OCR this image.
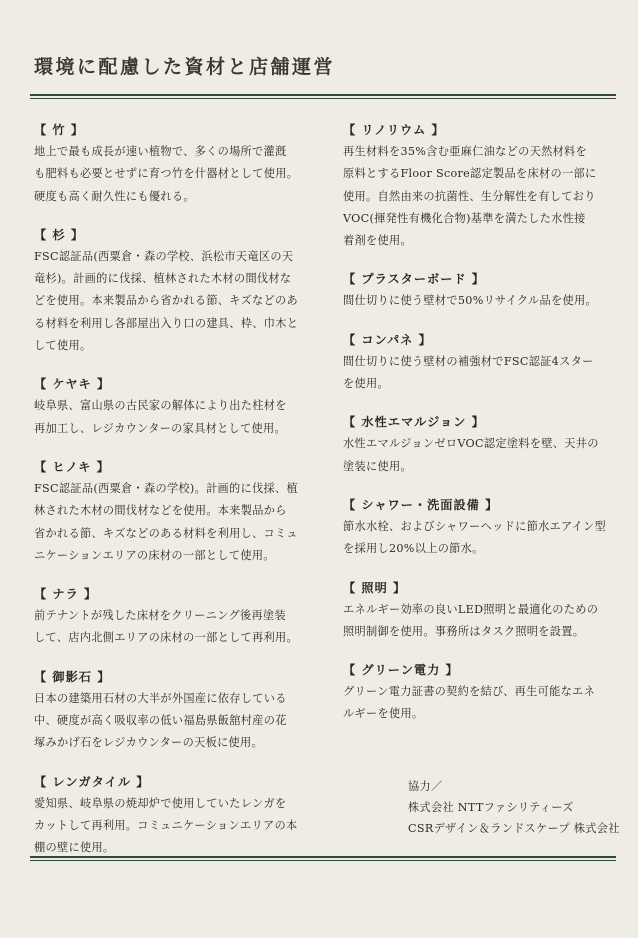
環境に配慮した資材と店舗運営
【 竹 】
地上で最も成長が速い植物で、多くの場所で灌漑
も肥料も必要とせずに育つ竹を什器材として使用。
硬度も高く耐久性にも優れる。
【 杉 】
FSC認証品(西粟倉・森の学校、浜松市天竜区の天
竜杉)。計画的に伐採、植林された木材の間伐材な
どを使用。本来製品から省かれる節、キズなどのあ
る材料を利用し各部屋出入り口の建具、枠、巾木と
して使用。
【 ケヤキ 】
岐阜県、富山県の古民家の解体により出た柱材を
再加工し、レジカウンターの家具材として使用。
【 ヒノキ 】
FSC認証品(西粟倉・森の学校)。計画的に伐採、植
林された木材の間伐材などを使用。本来製品から
省かれる節、キズなどのある材料を利用し、コミュ
ニケーションエリアの床材の一部として使用。
【 ナラ 】
前テナントが残した床材をクリーニング後再塗装
して、店内北側エリアの床材の一部として再利用。
【 御影石 】
日本の建築用石材の大半が外国産に依存している
中、硬度が高く吸収率の低い福島県飯舘村産の花
塚みかげ石をレジカウンターの天板に使用。
【 レンガタイル 】
愛知県、岐阜県の焼却炉で使用していたレンガを
カットして再利用。コミュニケーションエリアの本
棚の壁に使用。
【 リノリウム 】
再生材料を35%含む亜麻仁油などの天然材料を
原料とするFloor Score認定製品を床材の一部に
使用。自然由来の抗菌性、生分解性を有しており
VOC(揮発性有機化合物)基準を満たした水性接
着剤を使用。
【 プラスターボード 】
間仕切りに使う壁材で50%リサイクル品を使用。
【 コンパネ 】
間仕切りに使う壁材の補強材でFSC認証4スター
を使用。
【 水性エマルジョン 】
水性エマルジョンゼロVOC認定塗料を壁、天井の
塗装に使用。
【 シャワー・洗面設備 】
節水水栓、およびシャワーヘッドに節水エアイン型
を採用し20%以上の節水。
【 照明 】
エネルギー効率の良いLED照明と最適化のための
照明制御を使用。事務所はタスク照明を設置。
【 グリーン電力 】
グリーン電力証書の契約を結び、再生可能なエネ
ルギーを使用。
協力／
株式会社 NTTファシリティーズ
CSRデザイン＆ランドスケープ 株式会社
